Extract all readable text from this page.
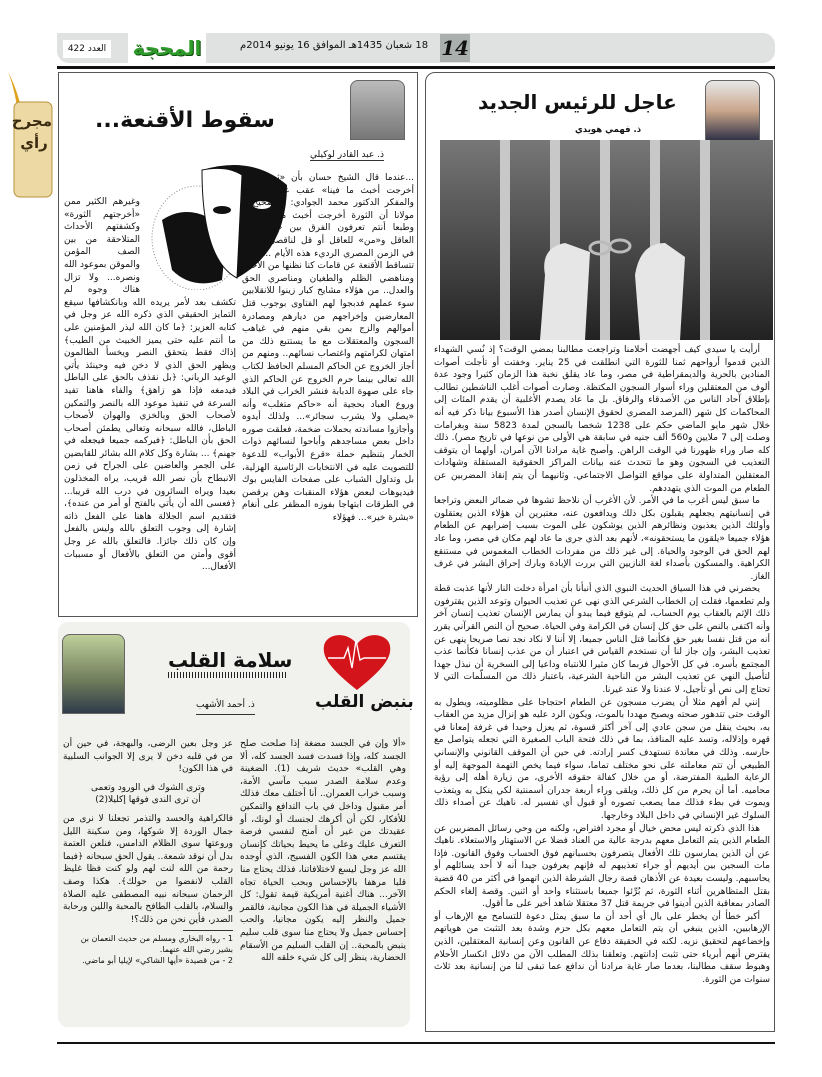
14
18 شعبان 1435هـ الموافق 16 يونيو 2014م
المحجة
العدد 422
مجرح
رأي
سقوط الأقنعة...
ذ. عبد القادر لوكيلي
...عندما قال الشيخ حسان بأن «ثورة يناير أخرجت أخبث ما فينا» عقب عليه المؤرخ والمفكر الدكتور محمد الجوادي: «الصحيح يا مولانا أن الثورة أخرجت أخبث من فينا»... وطبعا أنتم تعرفون الفرق بين «ما» لغير العاقل و«من» للعاقل أو قل لناقصي العقل في الزمن المصري الرديء هذه الأيام ... حيث تتساقط الأقنعة عن قامات كنا نظنها من الأخيار ومناهضي الظلم والطغيان ومناصري الحق والعدل.. من هؤلاء مشايخ كبار زينوا للانقلابين سوء عملهم فدبجوا لهم الفتاوى بوجوب قتل المعارضين وإخراجهم من ديارهم ومصادرة أموالهم والزج بمن بقي منهم في غياهب السجون والمعتقلات مع ما يستتبع ذلك من امتهان لكرامتهم واغتصاب نسائهم.. ومنهم من أجاز الخروج عن الحاكم المسلم الحافظ لكتاب الله تعالى بينما حرم الخروج عن الحاكم الذي جاء على صهوة الدبابة فنشر الخراب في البلاد وروع العباد بحجية أنه «حاكم متغلب» وأنه «يصلي ولا يشرب سجائر»... ولذلك أيدوه وأجازوا مساندته بحملات ضخمة، فعلقت صوره داخل بعض مساجدهم وأباحوا لنسائهم ذوات الخمار بتنظيم حملة «قرع الأبواب» للدعوة للتصويت عليه في الانتخابات الرئاسية الهزلية، بل وتداول الشباب على صفحات الفايس بوك فيديوهات لبعض هؤلاء المنقبات وهن يرقصن في الطرقات ابتهاجا بفوزه المظفر على أنغام «بشرة خير»... فهؤلاء
وغيرهم الكثير ممن «أخرجتهم الثورة» وكشفتهم الأحداث المتلاحقة من بين الصف المؤمن والموقن بموعود الله ونصره... ولا تزال هناك وجوه لم تكشف بعد لأمر يريده الله وبانكشافها سيقع التمايز الحقيقي الذي ذكره الله عز وجل في كتابه العزيز: ﴿ما كان الله ليذر المؤمنين على ما أنتم عليه حتى يميز الخبيث من الطيب﴾ إذاك فقط يتحقق النصر ويخسأ الظالمون ويظهر الحق الذي لا دخن فيه وحينئذ يأتي الوعيد الرباني: ﴿بل نقذف بالحق على الباطل فيدمغه فإذا هو زاهق﴾ والفاء هاهنا تفيد السرعة في تنفيذ موعود الله بالنصر والتمكين لأصحاب الحق وبالخزي والهوان لأصحاب الباطل، فالله سبحانه وتعالى يطمئن أصحاب الحق بأن الباطل: ﴿فيركمه جميعا فيجعله في جهنم﴾ ... بشارة وكل كلام الله بشائر للقابضين على الجمر والعاضين على الجراح في زمن الانبطاح بأن نصر الله قريب، يراه المخذلون بعيدا ويراه السائرون في درب الله قريبا... ﴿فعسى الله أن يأتي بالفتح أو أمر من عنده﴾، فتقديم اسم الجلالة هاهنا على الفعل ذاته إشارة إلى وجوب التعلق بالله وليس بالفعل وإن كان ذلك جائزا. فالتعلق بالله عز وجل أقوى وأمتن من التعلق بالأفعال أو مسببات الأفعال...
بنبض القلب
سلامة القلب
ذ. أحمد الأشهب
«ألا وإن في الجسد مضغة إذا صلحت صلح الجسد كله، وإذا فسدت فسد الجسد كله، ألا وهي القلب» حديث شريف (1). الضغينة وعدم سلامة الصدر سبب مآسي الأمة، وسبب خراب العمران.. أنا أختلف معك فذلك أمر مقبول وداخل في باب التدافع والتمكين للأفكار، لكن أن أكرهك لجنسك أو لونك، أو عقيدتك من غير أن أمنح لنفسي فرصة التعرف عليك وعلى ما يحيط بحياتك كإنسان يقتسم معي هذا الكون الفسيح، الذي أوجده الله عز وجل ليسع لاختلافاتنا، فذلك يحتاج منا قلبا مرهفا بالإحساس وبحب الحياة تجاه الآخر... هناك أغنية أمريكية قيمة تقول: كل الأشياء الجميلة في هذا الكون مجانية، فالقمر جميل والنظر إليه يكون مجانيا، والحب إحساس جميل ولا يحتاج منا سوى قلب سليم ينبض بالمحبة.. إن القلب السليم من الأسقام الحضارية، ينظر إلى كل شيء خلقه الله
عز وجل بعين الرضى، والبهجة، في حين أن من في قلبه دخن لا يرى إلا الجوانب السلبية في هذا الكون!
وترى الشوك في الورود وتعمى
أن ترى الندى فوقها إكليلا(2)
فالكراهية والحسد والتذمر تجعلنا لا نرى من جمال الوردة إلا شوكها، ومن سكينة الليل وروعتها سوى الظلام الدامس، فنلعن العتمة بدل أن نوقد شمعة.. يقول الحق سبحانه ﴿فبما رحمة من الله لنت لهم ولو كنت فظا غليظ القلب لانفضوا من حولك﴾. هكذا وصف الرحمان سبحانه نبيه المصطفى عليه الصلاة والسلام، بالقلب الطافح بالمحبة واللين ورحابة الصدر، فأين نحن من ذلك؟!
1 - رواه البخاري ومسلم من حديث النعمان بن بشير رضي الله عنهما.
2 - من قصيدة «أيها الشاكي» لإيليا أبو ماضي.
عاجل للرئيس الجديد
ذ. فهمي هويدي

أرأيت يا سيدي كيف أجهضت أحلامنا وتراجعت مطالبنا بمضي الوقت؟ إذ نُسي الشهداء الذين قدموا أرواحهم ثمنا للثورة التي انطلقت في 25 يناير. وخفتت أو تأجلت أصوات المنادين بالحرية والديمقراطية في مصر، وما عاد يقلق نخبة هذا الزمان كثيرا وجود عدة ألوف من المعتقلين وراء أسوار السجون المكتظة. وصارت أصوات أغلب الناشطين تطالب بإطلاق آحاد الناس من الأصدقاء والرفاق. بل ما عاد يصدم الأغلبية أن يقدم المئات إلى المحاكمات كل شهر (المرصد المصري لحقوق الإنسان أصدر هذا الأسبوع بيانا ذكر فيه أنه خلال شهر مايو الماضي حكم على 1238 شخصا بالسجن لمدة 5823 سنة وبغرامات وصلت إلى 7 ملايين و560 ألف جنيه في سابقة هي الأولى من نوعها في تاريخ مصر). ذلك كله صار وراء ظهورنا في الوقت الراهن. وأصبح غاية مرادنا الآن أمران، أولهما أن يتوقف التعذيب في السجون وهو ما تتحدث عنه بيانات المراكز الحقوقية المستقلة وشهادات المعتقلين المتداولة على مواقع التواصل الاجتماعي. وثانيهما أن يتم إنقاذ المضربين عن الطعام من الموت الذي يتهددهم.

ما سبق ليس أغرب ما في الأمر. لأن الأغرب أن نلاحظ تشوها في ضمائر البعض وتراجعا في إنسانيتهم يجعلهم يقبلون بكل ذلك ويدافعون عنه، معتبرين أن هؤلاء الذين يعتقلون وأولئك الذين يعذبون ونظائرهم الذين يوشكون على الموت بسبب إضرابهم عن الطعام هؤلاء جميعا «يلقون ما يستحقونه»، لأنهم بعد الذي جرى ما عاد لهم مكان في مصر، وما عاد لهم الحق في الوجود والحياة. إلى غير ذلك من مفردات الخطاب المغموس في مستنقع الكراهية. والمسكون بأصداء لغة النازيين التي بررت الإبادة وبارك إحراق البشر في غرف الغاز.

يحضرني في هذا السياق الحديث النبوي الذي أنبأنا بأن امرأة دخلت النار لأنها عذبت قطة ولم تطعمها، فقلت إن الخطاب الشرعي الذي نهى عن تعذيب الحيوان وتوعد الذين يقترفون ذلك الإثم بالعقاب يوم الحساب، لم يتوقع فيما يبدو أن يمارس الإنسان تعذيب إنسان آخر وأنه اكتفى بالنص على حق كل إنسان في الكرامة وفي الحياة. صحيح أن النص القرآني يقرر أنه من قتل نفسا بغير حق فكأنما قتل الناس جميعا، إلا أننا لا نكاد نجد نصا صريحا ينهى عن تعذيب البشر، وإن جاز لنا أن نستخدم القياس في اعتبار أن من عذب إنسانا فكأنما عذب المجتمع بأسره. في كل الأحوال فربما كان مثيرا للانتباه وداعيا إلى السخرية أن نبذل جهدا لتأصيل النهي عن تعذيب البشر من الناحية الشرعية، باعتبار ذلك من المسلّمات التي لا تحتاج إلى نص أو تأجيل، لا عندنا ولا عند غيرنا.

إنني لم أفهم مثلا أن يضرب مسجون عن الطعام احتجاجا على مظلوميته، ويطول به الوقت حتى تتدهور صحته ويصبح مهددا بالموت، ويكون الرد عليه هو إنزال مزيد من العقاب به، بحيث ينقل من سجن عادي إلى آخر أكثر قسوة، ثم يعزل وحيدا في غرفة إمعانا في قهره وإذلاله، وتسد عليه المنافذ، بما في ذلك فتحة الباب الصغيرة التي تجعله يتواصل مع حارسه. وذلك في معاندة تستهدف كسر إرادته. في حين أن الموقف القانوني والإنساني الطبيعي أن تتم معاملته على نحو مختلف تماما، سواء فيما يخص التهمة الموجهة إليه أو الرعاية الطبية المفترضة، أو من خلال كفالة حقوقه الأخرى، من زيارة أهله إلى رؤية محاميه. أما أن يحرم من كل ذلك، ويلقى وراء أربعة جدران أسمنتية لكي ينكل به ويتعذب ويموت في بطء فذلك مما يصعب تصوره أو قبول أي تفسير له. ناهيك عن أصداء ذلك السلوك غير الإنساني في داخل البلاد وخارجها.

هذا الذي ذكرته ليس محض خيال أو مجرد افتراض، ولكنه من وحي رسائل المضربين عن الطعام الذين يتم التعامل معهم بدرجة عالية من العناد فضلا عن الاستهتار والاستعلاء. ناهيك عن أن الذين يمارسون تلك الأفعال يتصرفون بحسبانهم فوق الحساب وفوق القانون. فإذا مات السجين بين أيديهم أو جراء تعذيبهم له فإنهم يعرفون جيدا أنه لا أحد يسائلهم أو يحاسبهم. وليست بعيدة عن الأذهان قصة رجال الشرطة الذين اتهموا في أكثر من 40 قضية بقتل المتظاهرين أثناء الثورة، ثم بُرِّئوا جميعا باستثناء واحد أو اثنين. وقصة إلغاء الحكم الصادر بمعاقبة الذين أدينوا في جريمة قتل 37 معتقلا شاهد أخير على ما أقول.

أكبر خطأ أن يخطر على بال أي أحد أن ما سبق يمثل دعوة للتسامح مع الإرهاب أو الإرهابيين، الذين ينبغي أن يتم التعامل معهم بكل حزم وشدة بعد التثبت من هوياتهم وإخضاعهم لتحقيق نزيه. لكنه في الحقيقة دفاع عن القانون وعن إنسانية المعتقلين، الذين يفترض أنهم أبرياء حتى تثبت إدانتهم. وتعلقنا بذلك المطلب الآن من دلائل انكسار الأحلام وهبوط سقف مطالبنا، بعدما صار غاية مرادنا أن ندافع عما تبقى لنا من إنسانية بعد ثلاث سنوات من الثورة.
